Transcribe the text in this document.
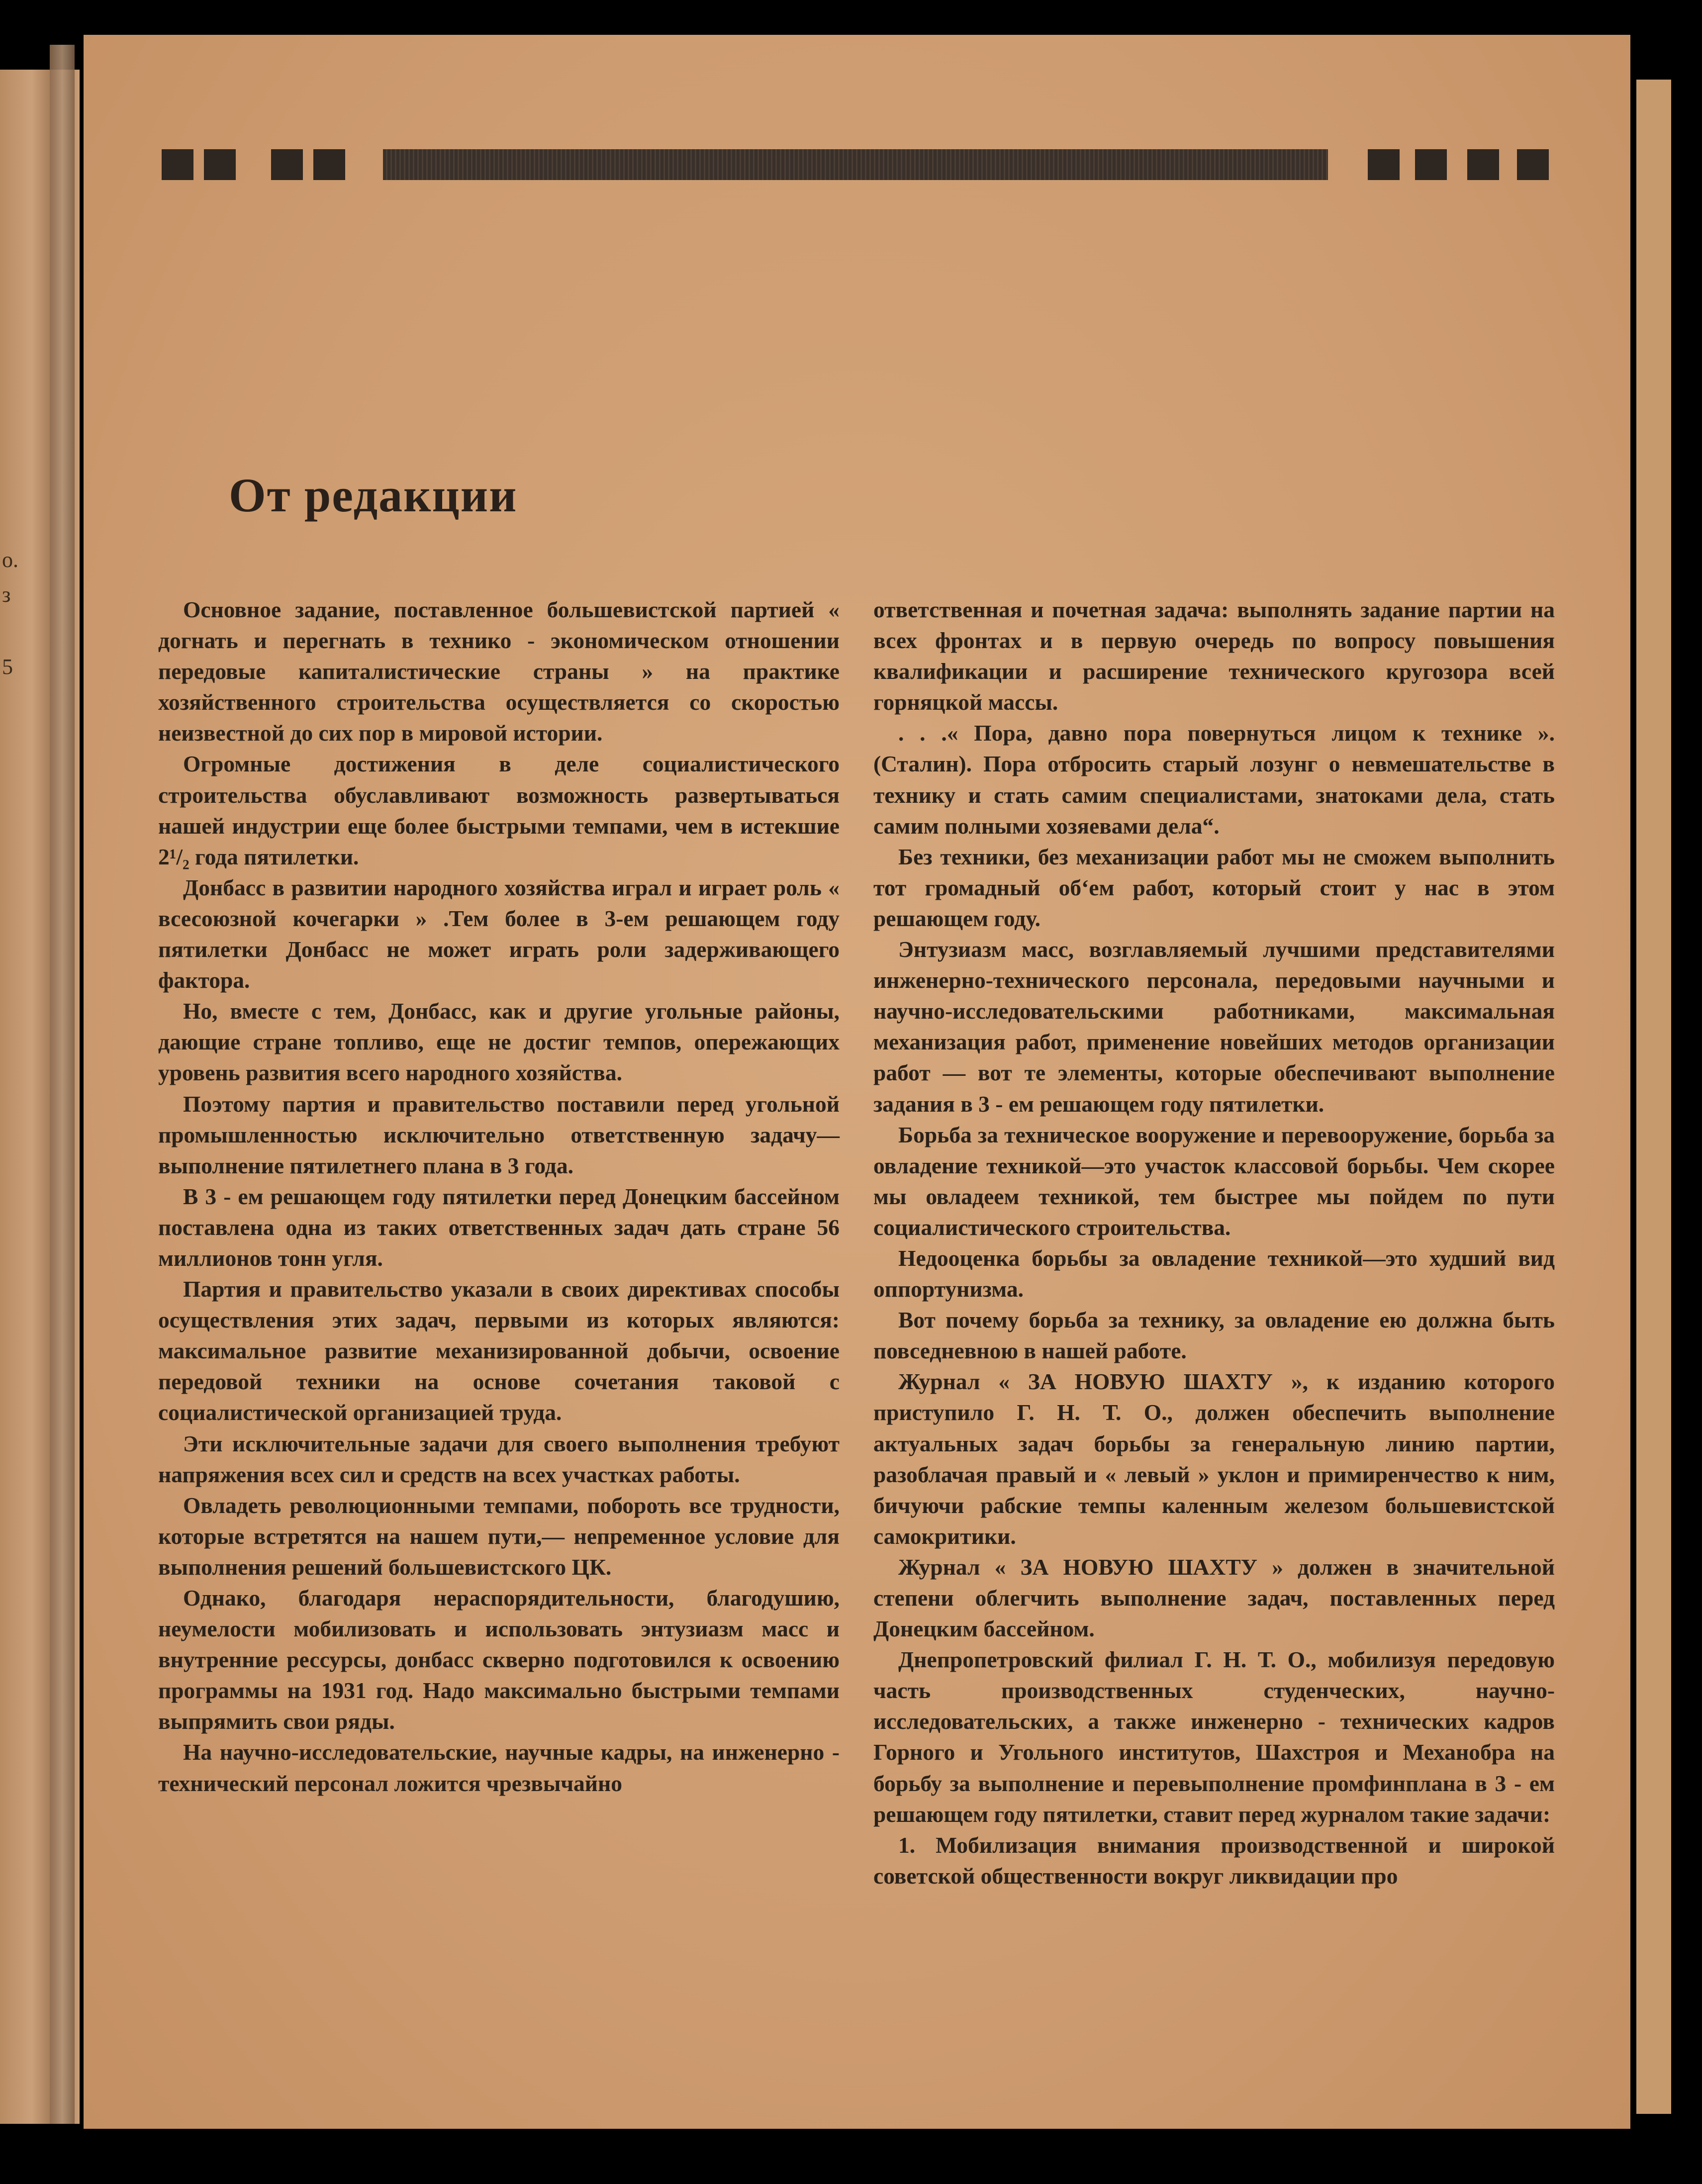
о.
з
5
От редакции

Основное задание, поставленное большевистской партией « догнать и перегнать в технико - экономическом отношении передовые капиталистические страны » на практике хозяйственного строительства осуществляется со скоростью неизвестной до сих пор в мировой истории.

Огромные достижения в деле социалистического строительства обуславливают возможность развертываться нашей индустрии еще более быстрыми темпами, чем в истекшие 2¹/₂ года пятилетки.

Донбасс в развитии народного хозяйства играл и играет роль « всесоюзной кочегарки » .Тем более в 3-ем решающем году пятилетки Донбасс не может играть роли задерживающего фактора.

Но, вместе с тем, Донбасс, как и другие угольные районы, дающие стране топливо, еще не достиг темпов, опережающих уровень развития всего народного хозяйства.

Поэтому партия и правительство поставили перед угольной промышленностью исключительно ответственную задачу—выполнение пятилетнего плана в 3 года.

В 3 - ем решающем году пятилетки перед Донецким бассейном поставлена одна из таких ответственных задач дать стране 56 миллионов тонн угля.

Партия и правительство указали в своих директивах способы осуществления этих задач, первыми из которых являются: максимальное развитие механизированной добычи, освоение передовой техники на основе сочетания таковой с социалистической организацией труда.

Эти исключительные задачи для своего выполнения требуют напряжения всех сил и средств на всех участках работы.

Овладеть революционными темпами, побороть все трудности, которые встретятся на нашем пути,— непременное условие для выполнения решений большевистского ЦК.

Однако, благодаря нераспорядительности, благодушию, неумелости мобилизовать и использовать энтузиазм масс и внутренние рессурсы, донбасс скверно подготовился к освоению программы на 1931 год. Надо максимально быстрыми темпами выпрямить свои ряды.

На научно-исследовательские, научные кадры, на инженерно - технический персонал ложится чрезвычайно

ответственная и почетная задача: выполнять задание партии на всех фронтах и в первую очередь по вопросу повышения квалификации и расширение технического кругозора всей горняцкой массы.

. . .« Пора, давно пора повернуться лицом к технике ». (Сталин). Пора отбросить старый лозунг о невмешательстве в технику и стать самим специалистами, знатоками дела, стать самим полными хозяевами дела“.

Без техники, без механизации работ мы не сможем выполнить тот громадный об‘ем работ, который стоит у нас в этом решающем году.

Энтузиазм масс, возглавляемый лучшими представителями инженерно-технического персонала, передовыми научными и научно-исследовательскими работниками, максимальная механизация работ, применение новейших методов организации работ — вот те элементы, которые обеспечивают выполнение задания в 3 - ем решающем году пятилетки.

Борьба за техническое вооружение и перевооружение, борьба за овладение техникой—это участок классовой борьбы. Чем скорее мы овладеем техникой, тем быстрее мы пойдем по пути социалистического строительства.

Недооценка борьбы за овладение техникой—это худший вид оппортунизма.

Вот почему борьба за технику, за овладение ею должна быть повседневною в нашей работе.

Журнал « ЗА НОВУЮ ШАХТУ », к изданию которого приступило Г. Н. Т. О., должен обеспечить выполнение актуальных задач борьбы за генеральную линию партии, разоблачая правый и « левый » уклон и примиренчество к ним, бичуючи рабские темпы каленным железом большевистской самокритики.

Журнал « ЗА НОВУЮ ШАХТУ » должен в значительной степени облегчить выполнение задач, поставленных перед Донецким бассейном.

Днепропетровский филиал Г. Н. Т. О., мобилизуя передовую часть производственных студенческих, научно-исследовательских, а также инженерно - технических кадров Горного и Угольного институтов, Шахстроя и Механобра на борьбу за выполнение и перевыполнение промфинплана в 3 - ем решающем году пятилетки, ставит перед журналом такие задачи:

1. Мобилизация внимания производственной и широкой советской общественности вокруг ликвидации про
